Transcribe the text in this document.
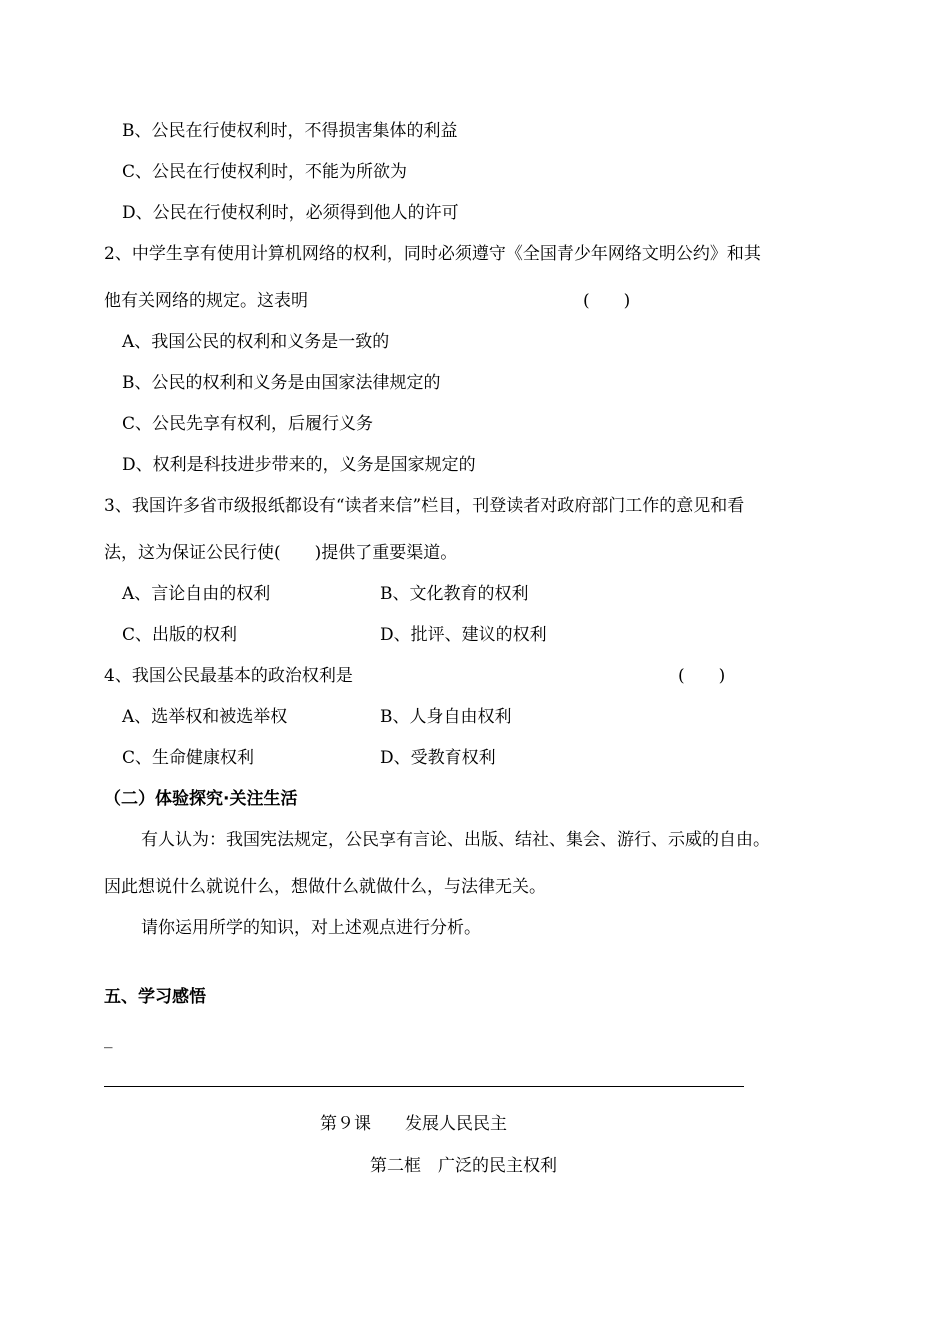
B、公民在行使权利时，不得损害集体的利益
C、公民在行使权利时，不能为所欲为
D、公民在行使权利时，必须得到他人的许可
2、中学生享有使用计算机网络的权利，同时必须遵守《全国青少年网络文明公约》和其
他有关网络的规定。这表明	(　　)
A、我国公民的权利和义务是一致的
B、公民的权利和义务是由国家法律规定的
C、公民先享有权利，后履行义务
D、权利是科技进步带来的，义务是国家规定的
3、我国许多省市级报纸都设有“读者来信”栏目，刊登读者对政府部门工作的意见和看
法，这为保证公民行使(　　)提供了重要渠道。
A、言论自由的权利	B、文化教育的权利
C、出版的权利	D、批评、建议的权利
4、我国公民最基本的政治权利是	(　　)
A、选举权和被选举权	B、人身自由权利
C、生命健康权利	D、受教育权利
（二）体验探究·关注生活
有人认为：我国宪法规定，公民享有言论、出版、结社、集会、游行、示威的自由。
因此想说什么就说什么，想做什么就做什么，与法律无关。
请你运用所学的知识，对上述观点进行分析。
五、学习感悟
_
第９课　　发展人民民主
第二框　广泛的民主权利
